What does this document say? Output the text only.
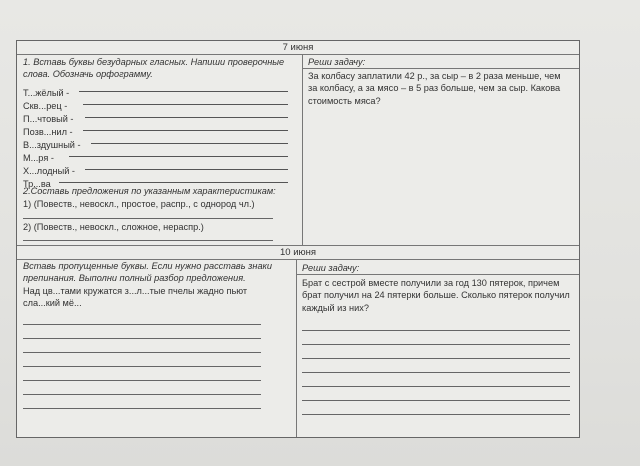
7 июня
1. Вставь буквы безударных гласных. Напиши проверочные слова. Обозначь орфограмму.
Т...жёлый -
Скв...рец -
П...чтовый -
Позв...нил -
В...здушный -
М...ря -
Х...лодный -
Тр...ва
2.Составь предложения по указанным характеристикам:
1) (Повеств., невоскл., простое, распр., с однород чл.)
2) (Повеств., невоскл., сложное, нераспр.)
Реши задачу:
За колбасу заплатили 42 р., за сыр – в 2 раза меньше, чем за колбасу, а за мясо – в 5 раз больше, чем за сыр. Какова стоимость мяса?
10 июня
Вставь пропущенные буквы. Если нужно расставь знаки препинания. Выполни полный разбор предложения.
Над цв...тами кружатся з...л...тые пчелы жадно пьют сла...кий мё...
Реши задачу:
Брат с сестрой вместе получили за год 130 пятерок, причем брат получил на 24 пятерки больше. Сколько пятерок получил каждый из них?
